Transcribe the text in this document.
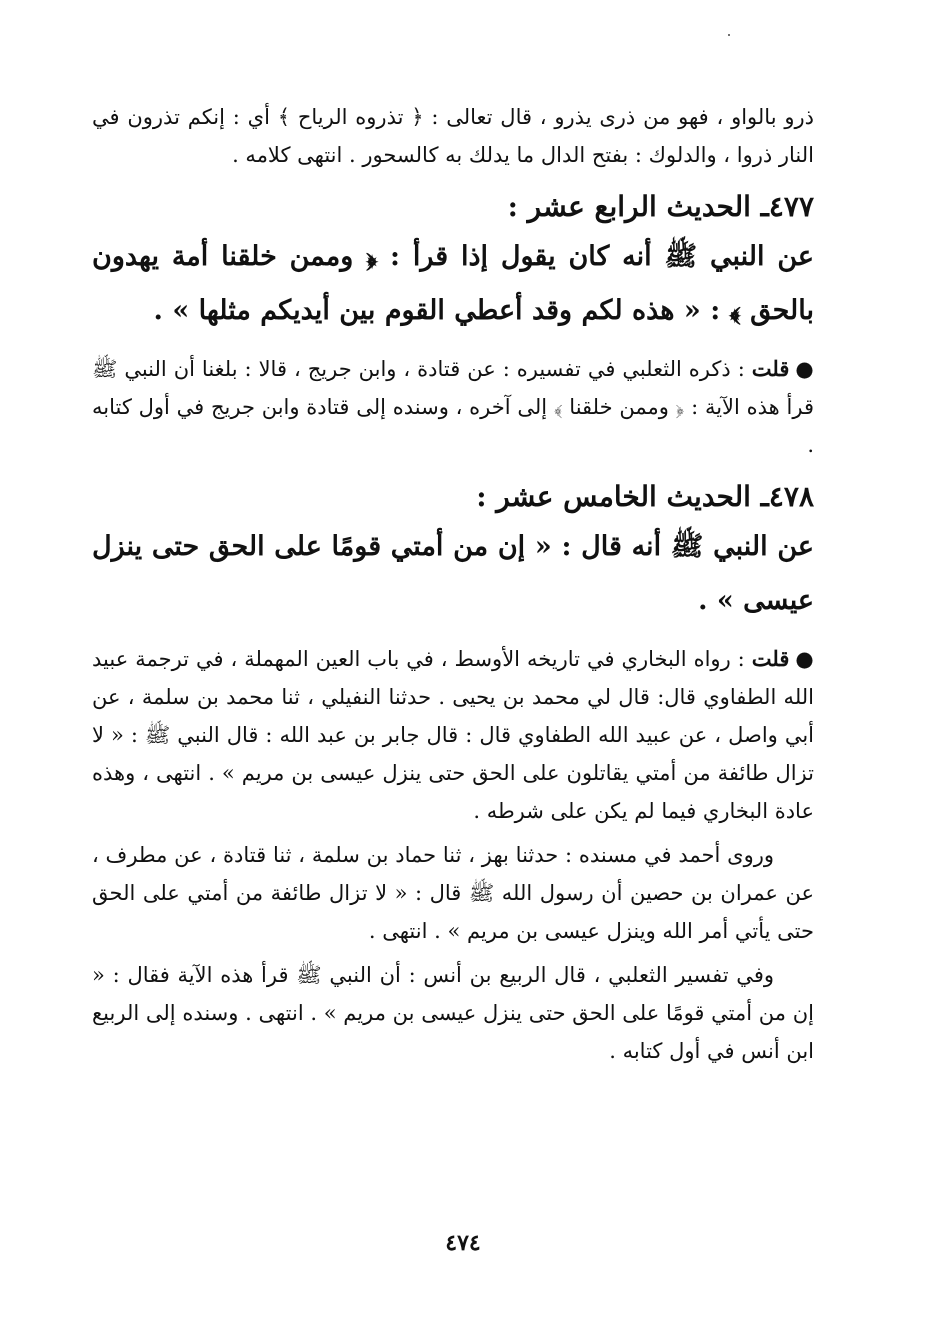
ذرو بالواو ، فهو من ذرى يذرو ، قال تعالى : ﴿ تذروه الرياح ﴾ أي : إنكم تذرون في النار ذروا ، والدلوك : بفتح الدال ما يدلك به كالسحور . انتهى كلامه .

٤٧٧ـ الحديث الرابع عشر :

عن النبي ﷺ أنه كان يقول إذا قرأ : ﴿ وممن خلقنا أمة يهدون بالحق ﴾ : « هذه لكم وقد أعطي القوم بين أيديكم مثلها » .

●قلت : ذكره الثعلبي في تفسيره : عن قتادة ، وابن جريج ، قالا : بلغنا أن النبي ﷺ قرأ هذه الآية : ﴿ وممن خلقنا ﴾ إلى آخره ، وسنده إلى قتادة وابن جريج في أول كتابه .

٤٧٨ـ الحديث الخامس عشر :

عن النبي ﷺ أنه قال : « إن من أمتي قومًا على الحق حتى ينزل عيسى » .

●قلت : رواه البخاري في تاريخه الأوسط ، في باب العين المهملة ، في ترجمة عبيد الله الطفاوي قال: قال لي محمد بن يحيى . حدثنا النفيلي ، ثنا محمد بن سلمة ، عن أبي واصل ، عن عبيد الله الطفاوي قال : قال جابر بن عبد الله : قال النبي ﷺ : « لا تزال طائفة من أمتي يقاتلون على الحق حتى ينزل عيسى بن مريم » . انتهى ، وهذه عادة البخاري فيما لم يكن على شرطه .

وروى أحمد في مسنده : حدثنا بهز ، ثنا حماد بن سلمة ، ثنا قتادة ، عن مطرف ، عن عمران بن حصين أن رسول الله ﷺ قال : « لا تزال طائفة من أمتي على الحق حتى يأتي أمر الله وينزل عيسى بن مريم » . انتهى .

وفي تفسير الثعلبي ، قال الربيع بن أنس : أن النبي ﷺ قرأ هذه الآية فقال : « إن من أمتي قومًا على الحق حتى ينزل عيسى بن مريم » . انتهى . وسنده إلى الربيع ابن أنس في أول كتابه .

٤٧٤
